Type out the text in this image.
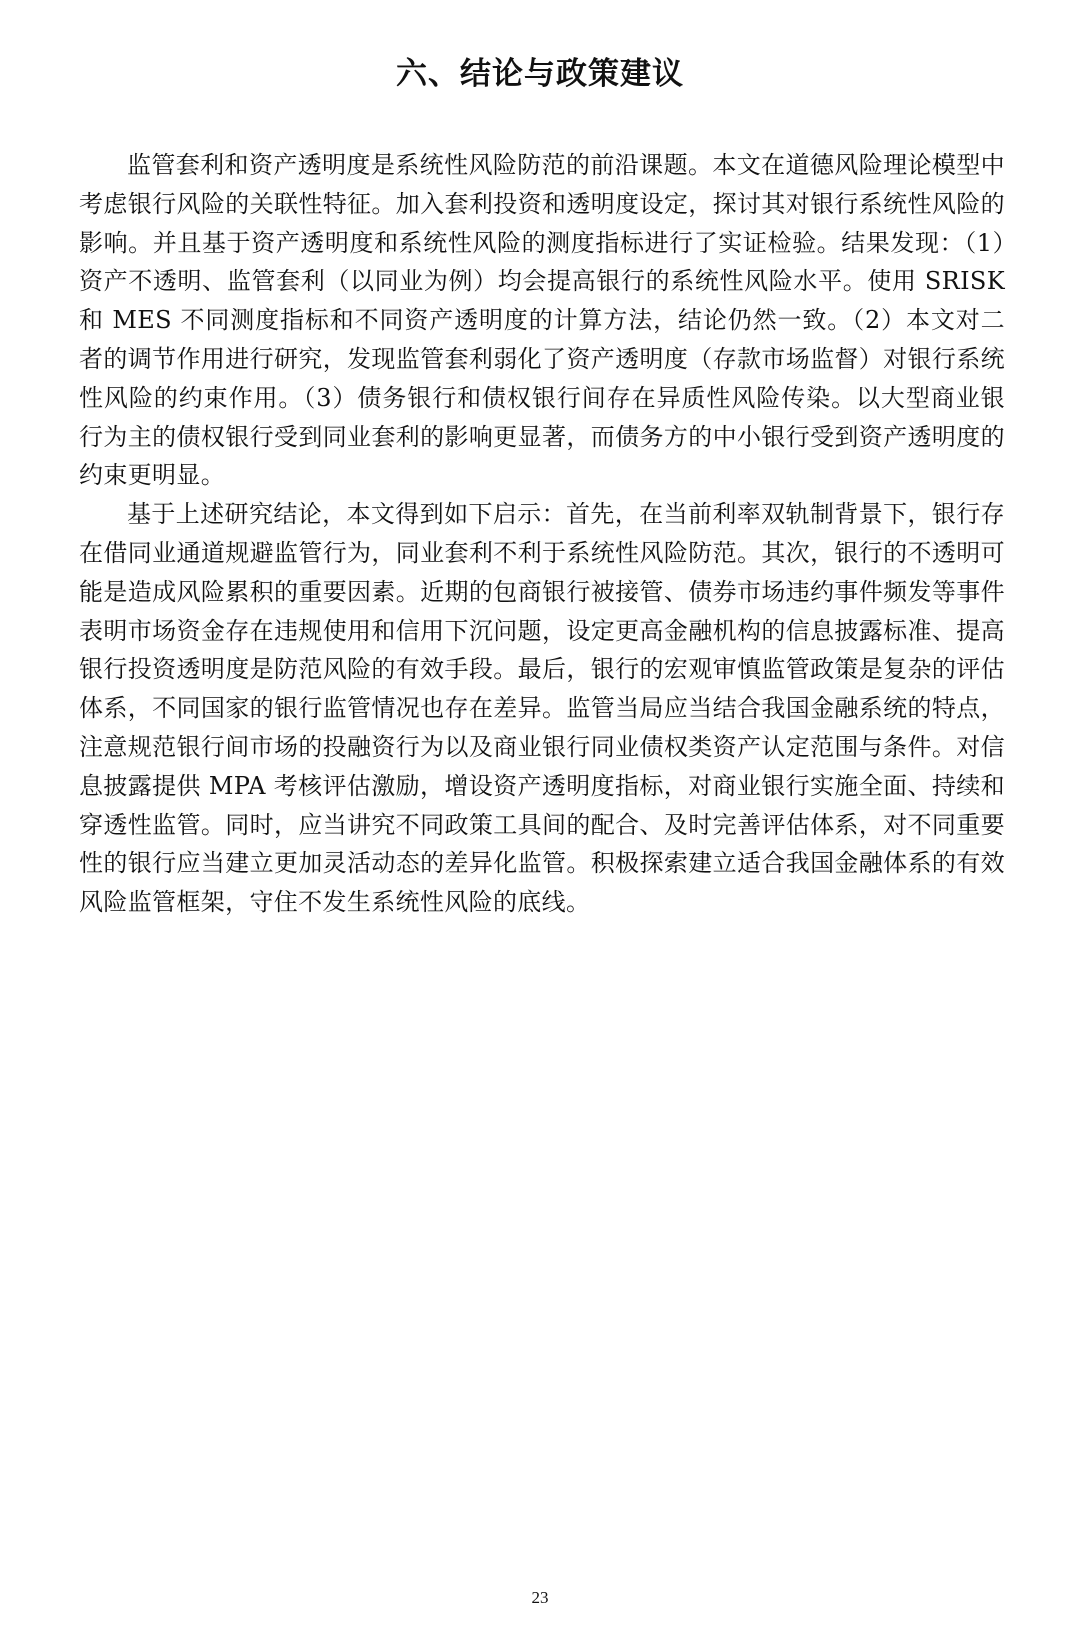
六、结论与政策建议

监管套利和资产透明度是系统性风险防范的前沿课题。本文在道德风险理论模型中考虑银行风险的关联性特征。加入套利投资和透明度设定，探讨其对银行系统性风险的影响。并且基于资产透明度和系统性风险的测度指标进行了实证检验。结果发现：（1）资产不透明、监管套利（以同业为例）均会提高银行的系统性风险水平。使用 SRISK 和 MES 不同测度指标和不同资产透明度的计算方法，结论仍然一致。（2）本文对二者的调节作用进行研究，发现监管套利弱化了资产透明度（存款市场监督）对银行系统性风险的约束作用。（3）债务银行和债权银行间存在异质性风险传染。以大型商业银行为主的债权银行受到同业套利的影响更显著，而债务方的中小银行受到资产透明度的约束更明显。

基于上述研究结论，本文得到如下启示：首先，在当前利率双轨制背景下，银行存在借同业通道规避监管行为，同业套利不利于系统性风险防范。其次，银行的不透明可能是造成风险累积的重要因素。近期的包商银行被接管、债券市场违约事件频发等事件表明市场资金存在违规使用和信用下沉问题，设定更高金融机构的信息披露标准、提高银行投资透明度是防范风险的有效手段。最后，银行的宏观审慎监管政策是复杂的评估体系，不同国家的银行监管情况也存在差异。监管当局应当结合我国金融系统的特点，注意规范银行间市场的投融资行为以及商业银行同业债权类资产认定范围与条件。对信息披露提供 MPA 考核评估激励，增设资产透明度指标，对商业银行实施全面、持续和穿透性监管。同时，应当讲究不同政策工具间的配合、及时完善评估体系，对不同重要性的银行应当建立更加灵活动态的差异化监管。积极探索建立适合我国金融体系的有效风险监管框架，守住不发生系统性风险的底线。

23
